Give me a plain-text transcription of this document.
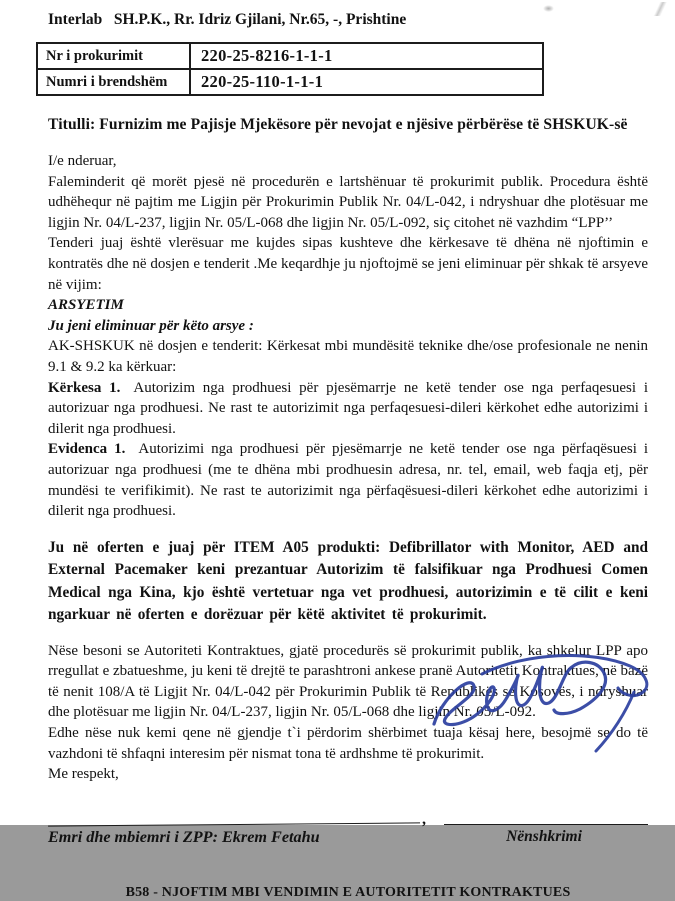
Interlab   SH.P.K., Rr. Idriz Gjilani, Nr.65, -, Prishtine
Nr i prokurimit	220-25-8216-1-1-1
Numri i brendshëm	220-25-110-1-1-1
Titulli: Furnizim me Pajisje Mjekësore për nevojat e njësive përbërëse të SHSKUK-së
I/e nderuar,
Faleminderit që morët pjesë në procedurën e lartshënuar të prokurimit publik. Procedura është udhëhequr në pajtim me Ligjin për Prokurimin Publik Nr. 04/L-042, i ndryshuar dhe plotësuar me ligjin Nr. 04/L-237, ligjin Nr. 05/L-068 dhe ligjin Nr. 05/L-092, siç citohet në vazhdim “LPP’’
Tenderi juaj është vlerësuar me kujdes sipas kushteve dhe kërkesave të dhëna në njoftimin e kontratës dhe në dosjen e tenderit .Me keqardhje ju njoftojmë se jeni eliminuar për shkak të arsyeve në vijim:
ARSYETIM
Ju jeni eliminuar për këto arsye :
AK-SHSKUK në dosjen e tenderit: Kërkesat mbi mundësitë teknike dhe/ose profesionale ne nenin 9.1 & 9.2 ka kërkuar:
Kërkesa 1. Autorizim nga prodhuesi për pjesëmarrje ne ketë tender ose nga perfaqesuesi i autorizuar nga prodhuesi. Ne rast te autorizimit nga perfaqesuesi-dileri kërkohet edhe autorizimi i dilerit nga prodhuesi.
Evidenca 1. Autorizimi nga prodhuesi për pjesëmarrje ne ketë tender ose nga përfaqësuesi i autorizuar nga prodhuesi (me te dhëna mbi prodhuesin adresa, nr. tel, email, web faqja etj, për mundësi te verifikimit). Ne rast te autorizimit nga përfaqësuesi-dileri kërkohet edhe autorizimi i dilerit nga prodhuesi.
Ju në oferten e juaj për ITEM A05 produkti: Defibrillator with Monitor, AED and External Pacemaker keni prezantuar Autorizim të falsifikuar nga Prodhuesi Comen Medical nga Kina, kjo është vertetuar nga vet prodhuesi, autorizimin e të cilit e keni ngarkuar në oferten e dorëzuar për këtë aktivitet të prokurimit.
Nëse besoni se Autoriteti Kontraktues, gjatë procedurës së prokurimit publik, ka shkelur LPP apo rregullat e zbatueshme, ju keni të drejtë te parashtroni ankese pranë Autoritetit Kontraktues, në bazë të nenit 108/A të Ligjit Nr. 04/L-042 për Prokurimin Publik të Republikës se Kosovës, i ndryshuar dhe plotësuar me ligjin Nr. 04/L-237, ligjin Nr. 05/L-068 dhe ligjin Nr. 05/L-092.
Edhe nëse nuk kemi qene në gjendje t`i përdorim shërbimet tuaja kësaj here, besojmë se do të vazhdoni të shfaqni interesim për nismat tona të ardhshme të prokurimit.
Me respekt,
,
Emri dhe mbiemri i ZPP: Ekrem Fetahu	Nënshkrimi
B58 - NJOFTIM MBI VENDIMIN E AUTORITETIT KONTRAKTUES
